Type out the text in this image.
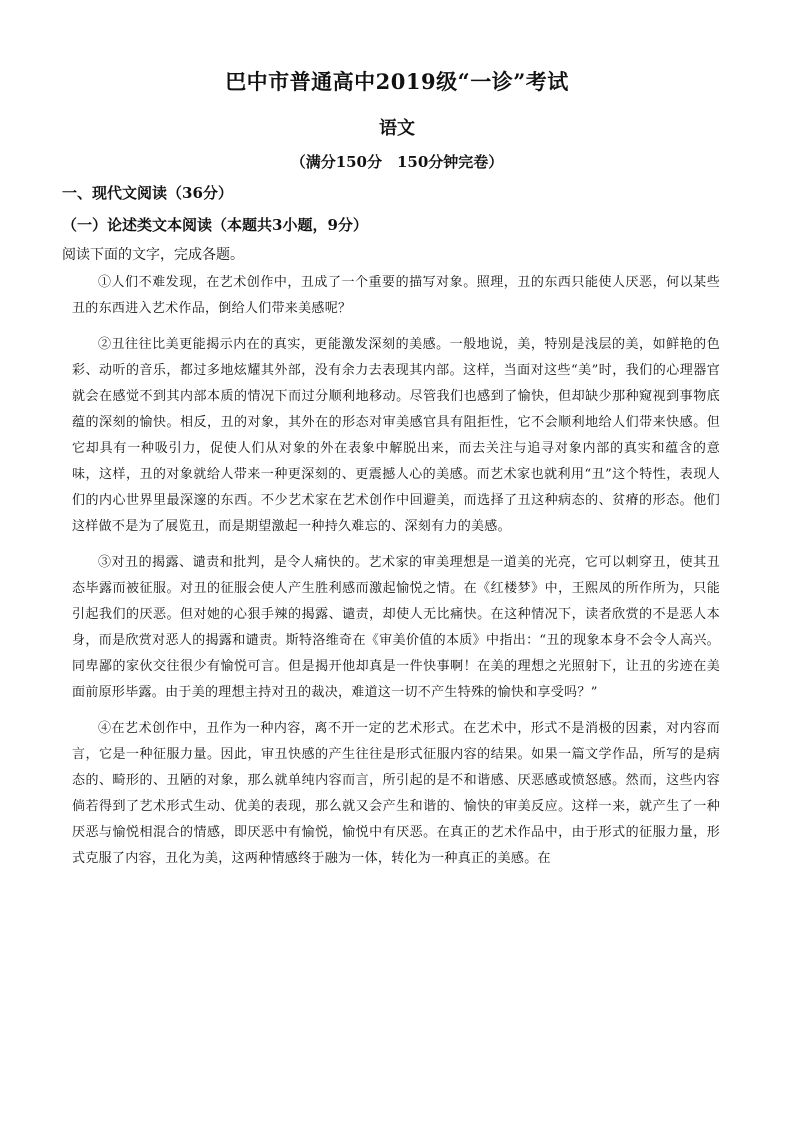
巴中市普通高中2019级“一诊”考试
语文
（满分150分　150分钟完卷）
一、现代文阅读（36分）
（一）论述类文本阅读（本题共3小题，9分）
阅读下面的文字，完成各题。

①人们不难发现，在艺术创作中，丑成了一个重要的描写对象。照理，丑的东西只能使人厌恶，何以某些丑的东西进入艺术作品，倒给人们带来美感呢？

②丑往往比美更能揭示内在的真实，更能激发深刻的美感。一般地说，美，特别是浅层的美，如鲜艳的色彩、动听的音乐，都过多地炫耀其外部，没有余力去表现其内部。这样，当面对这些“美”时，我们的心理器官就会在感觉不到其内部本质的情况下而过分顺利地移动。尽管我们也感到了愉快，但却缺少那种窥视到事物底蕴的深刻的愉快。相反，丑的对象，其外在的形态对审美感官具有阻拒性，它不会顺利地给人们带来快感。但它却具有一种吸引力，促使人们从对象的外在表象中解脱出来，而去关注与追寻对象内部的真实和蕴含的意味，这样，丑的对象就给人带来一种更深刻的、更震撼人心的美感。而艺术家也就利用“丑”这个特性，表现人们的内心世界里最深邃的东西。不少艺术家在艺术创作中回避美，而选择了丑这种病态的、贫瘠的形态。他们这样做不是为了展览丑，而是期望激起一种持久难忘的、深刻有力的美感。

③对丑的揭露、谴责和批判，是令人痛快的。艺术家的审美理想是一道美的光亮，它可以刺穿丑，使其丑态毕露而被征服。对丑的征服会使人产生胜利感而激起愉悦之情。在《红楼梦》中，王熙凤的所作所为，只能引起我们的厌恶。但对她的心狠手辣的揭露、谴责，却使人无比痛快。在这种情况下，读者欣赏的不是恶人本身，而是欣赏对恶人的揭露和谴责。斯特洛维奇在《审美价值的本质》中指出：“丑的现象本身不会令人高兴。同卑鄙的家伙交往很少有愉悦可言。但是揭开他却真是一件快事啊！在美的理想之光照射下，让丑的劣迹在美面前原形毕露。由于美的理想主持对丑的裁决，难道这一切不产生特殊的愉快和享受吗？”

④在艺术创作中，丑作为一种内容，离不开一定的艺术形式。在艺术中，形式不是消极的因素，对内容而言，它是一种征服力量。因此，审丑快感的产生往往是形式征服内容的结果。如果一篇文学作品，所写的是病态的、畸形的、丑陋的对象，那么就单纯内容而言，所引起的是不和谐感、厌恶感或愤怒感。然而，这些内容倘若得到了艺术形式生动、优美的表现，那么就又会产生和谐的、愉快的审美反应。这样一来，就产生了一种厌恶与愉悦相混合的情感，即厌恶中有愉悦，愉悦中有厌恶。在真正的艺术作品中，由于形式的征服力量，形式克服了内容，丑化为美，这两种情感终于融为一体，转化为一种真正的美感。在
